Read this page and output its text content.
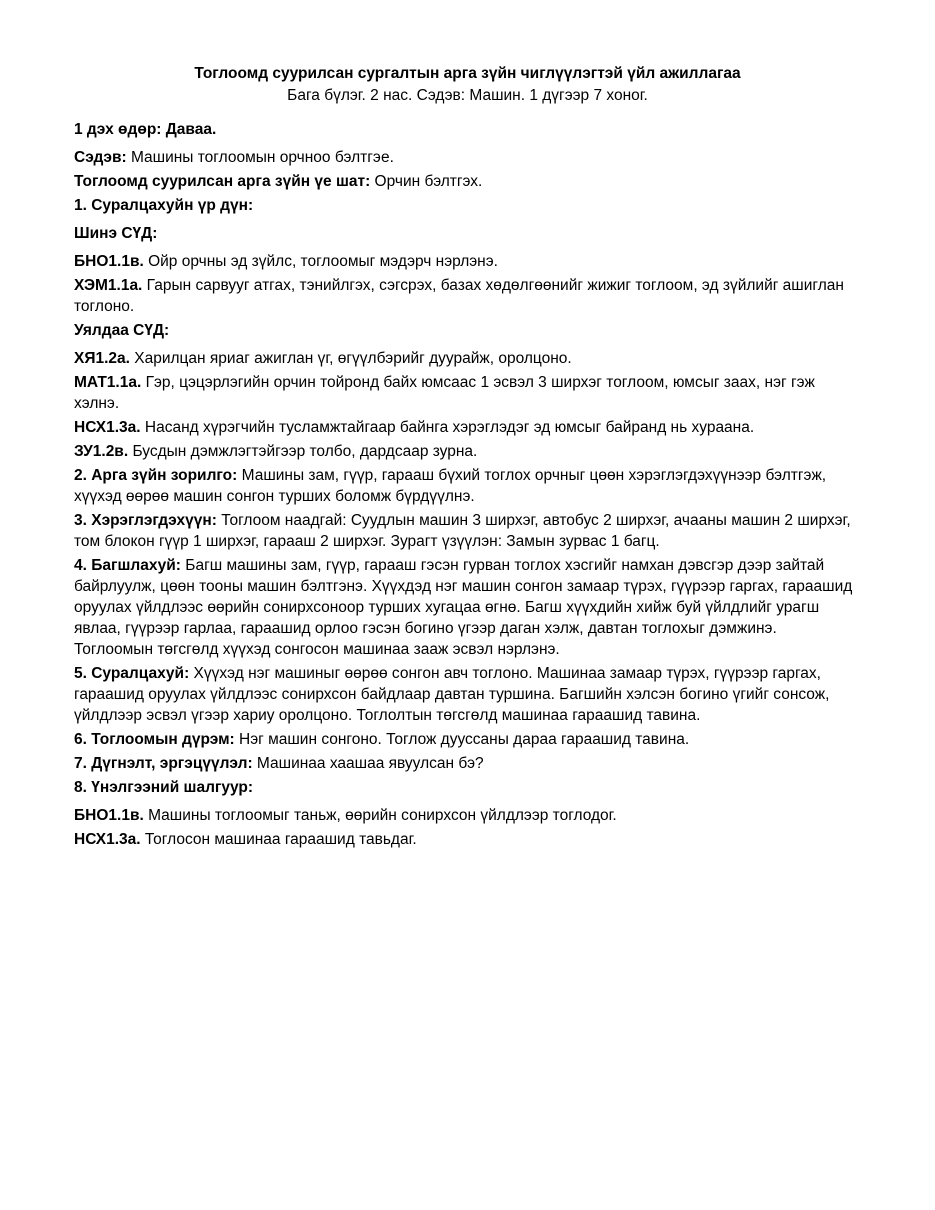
Тоглоомд суурилсан сургалтын арга зүйн чиглүүлэгтэй үйл ажиллагаа

Бага бүлэг. 2 нас. Сэдэв: Машин. 1 дүгээр 7 хоног.

1 дэх өдөр: Даваа.

Сэдэв: Машины тоглоомын орчноо бэлтгэе.

Тоглоомд суурилсан арга зүйн үе шат: Орчин бэлтгэх.

1. Суралцахуйн үр дүн:

Шинэ СҮД:

БНО1.1в. Ойр орчны эд зүйлс, тоглоомыг мэдэрч нэрлэнэ.

ХЭМ1.1а. Гарын сарвууг атгах, тэнийлгэх, сэгсрэх, базах хөдөлгөөнийг жижиг тоглоом, эд зүйлийг ашиглан тоглоно.

Уялдаа СҮД:

ХЯ1.2а. Харилцан яриаг ажиглан үг, өгүүлбэрийг дуурайж, оролцоно.

МАТ1.1а. Гэр, цэцэрлэгийн орчин тойронд байх юмсаас 1 эсвэл 3 ширхэг тоглоом, юмсыг заах, нэг гэж хэлнэ.

НСХ1.3а. Насанд хүрэгчийн тусламжтайгаар байнга хэрэглэдэг эд юмсыг байранд нь хураана.

ЗУ1.2в. Бусдын дэмжлэгтэйгээр толбо, дардсаар зурна.

2. Арга зүйн зорилго: Машины зам, гүүр, гарааш бүхий тоглох орчныг цөөн хэрэглэгдэхүүнээр бэлтгэж, хүүхэд өөрөө машин сонгон турших боломж бүрдүүлнэ.

3. Хэрэглэгдэхүүн: Тоглоом наадгай: Суудлын машин 3 ширхэг, автобус 2 ширхэг, ачааны машин 2 ширхэг, том блокон гүүр 1 ширхэг, гарааш 2 ширхэг. Зурагт үзүүлэн: Замын зурвас 1 багц.

4. Багшлахуй: Багш машины зам, гүүр, гарааш гэсэн гурван тоглох хэсгийг намхан дэвсгэр дээр зайтай байрлуулж, цөөн тооны машин бэлтгэнэ. Хүүхдэд нэг машин сонгон замаар түрэх, гүүрээр гаргах, гараашид оруулах үйлдлээс өөрийн сонирхсоноор турших хугацаа өгнө. Багш хүүхдийн хийж буй үйлдлийг урагш явлаа, гүүрээр гарлаа, гараашид орлоо гэсэн богино үгээр даган хэлж, давтан тоглохыг дэмжинэ. Тоглоомын төгсгөлд хүүхэд сонгосон машинаа зааж эсвэл нэрлэнэ.

5. Суралцахуй: Хүүхэд нэг машиныг өөрөө сонгон авч тоглоно. Машинаа замаар түрэх, гүүрээр гаргах, гараашид оруулах үйлдлээс сонирхсон байдлаар давтан туршина. Багшийн хэлсэн богино үгийг сонсож, үйлдлээр эсвэл үгээр хариу оролцоно. Тоглолтын төгсгөлд машинаа гараашид тавина.

6. Тоглоомын дүрэм: Нэг машин сонгоно. Тоглож дууссаны дараа гараашид тавина.

7. Дүгнэлт, эргэцүүлэл: Машинаа хаашаа явуулсан бэ?

8. Үнэлгээний шалгуур:

БНО1.1в. Машины тоглоомыг таньж, өөрийн сонирхсон үйлдлээр тоглодог.

НСХ1.3а. Тоглосон машинаа гараашид тавьдаг.
